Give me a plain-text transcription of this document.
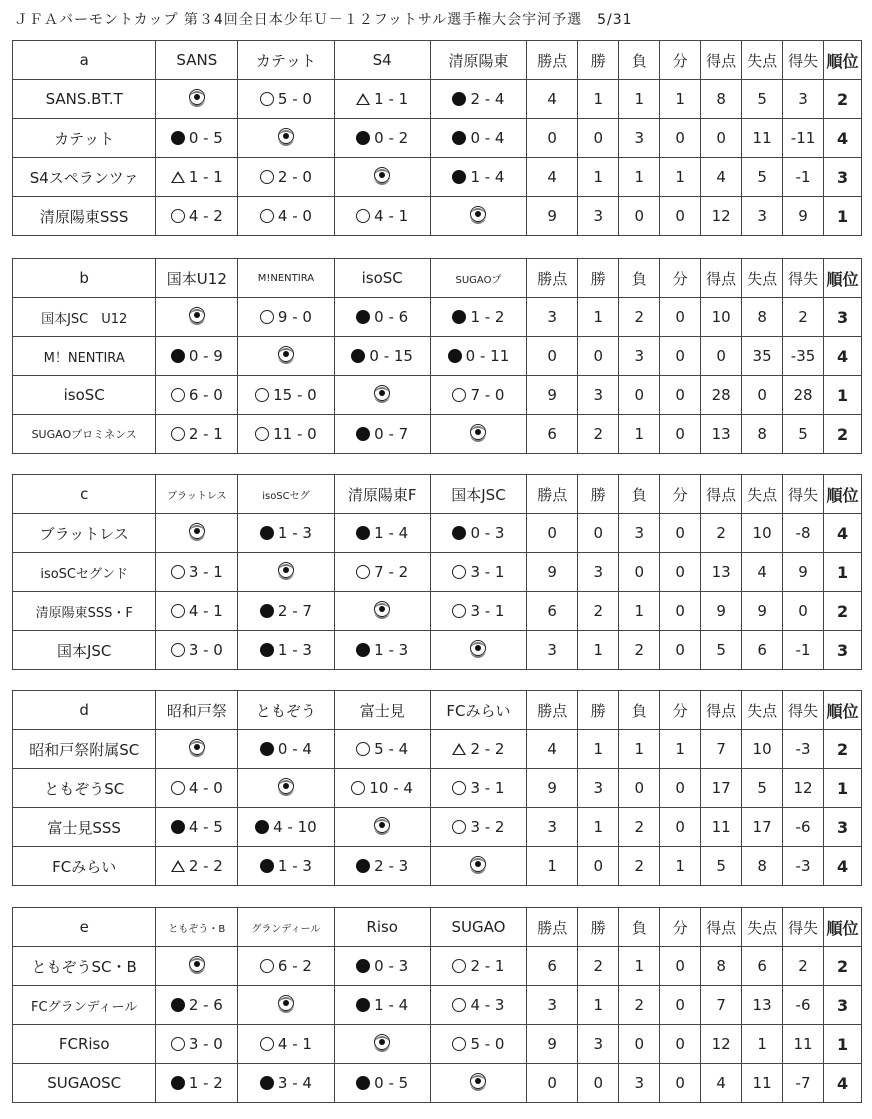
ＪＦＡバーモントカップ 第３4回全日本少年Ｕ－１２フットサル選手権大会宇河予選　5/31
a	SANS	カテット	S4	清原陽東	勝点	勝	負	分	得点	失点	得失	順位
SANS.BT.T		5 - 0	1 - 1	2 - 4	4	1	1	1	8	5	3	2
カテット	0 - 5		0 - 2	0 - 4	0	0	3	0	0	11	-11	4
S4スペランツァ	1 - 1	2 - 0		1 - 4	4	1	1	1	4	5	-1	3
清原陽東SSS	4 - 2	4 - 0	4 - 1		9	3	0	0	12	3	9	1
b	国本U12	M!NENTIRA	isoSC	SUGAOプ	勝点	勝	負	分	得点	失点	得失	順位
国本JSC　U12		9 - 0	0 - 6	1 - 2	3	1	2	0	10	8	2	3
M！NENTIRA	0 - 9		0 - 15	0 - 11	0	0	3	0	0	35	-35	4
isoSC	6 - 0	15 - 0		7 - 0	9	3	0	0	28	0	28	1
SUGAOプロミネンス	2 - 1	11 - 0	0 - 7		6	2	1	0	13	8	5	2
c	ブラットレス	isoSCセグ	清原陽東F	国本JSC	勝点	勝	負	分	得点	失点	得失	順位
ブラットレス		1 - 3	1 - 4	0 - 3	0	0	3	0	2	10	-8	4
isoSCセグンド	3 - 1		7 - 2	3 - 1	9	3	0	0	13	4	9	1
清原陽東SSS・F	4 - 1	2 - 7		3 - 1	6	2	1	0	9	9	0	2
国本JSC	3 - 0	1 - 3	1 - 3		3	1	2	0	5	6	-1	3
d	昭和戸祭	ともぞう	富士見	FCみらい	勝点	勝	負	分	得点	失点	得失	順位
昭和戸祭附属SC		0 - 4	5 - 4	2 - 2	4	1	1	1	7	10	-3	2
ともぞうSC	4 - 0		10 - 4	3 - 1	9	3	0	0	17	5	12	1
富士見SSS	4 - 5	4 - 10		3 - 2	3	1	2	0	11	17	-6	3
FCみらい	2 - 2	1 - 3	2 - 3		1	0	2	1	5	8	-3	4
e	ともぞう・B	グランディール	Riso	SUGAO	勝点	勝	負	分	得点	失点	得失	順位
ともぞうSC・B		6 - 2	0 - 3	2 - 1	6	2	1	0	8	6	2	2
FCグランディール	2 - 6		1 - 4	4 - 3	3	1	2	0	7	13	-6	3
FCRiso	3 - 0	4 - 1		5 - 0	9	3	0	0	12	1	11	1
SUGAOSC	1 - 2	3 - 4	0 - 5		0	0	3	0	4	11	-7	4
